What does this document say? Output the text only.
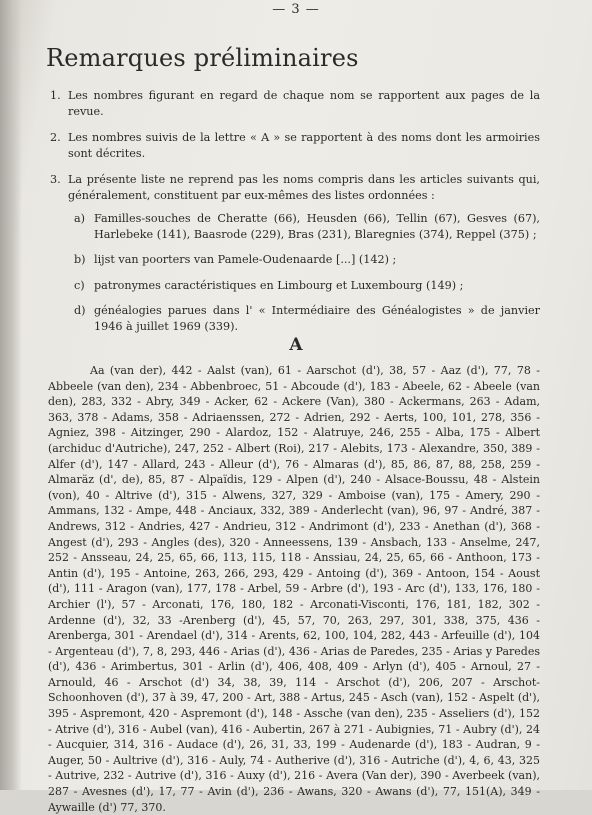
— 3 —
Remarques préliminaires
1. Les nombres figurant en regard de chaque nom se rapportent aux pages de la revue.
2. Les nombres suivis de la lettre « A » se rapportent à des noms dont les armoiries sont décrites.
3. La présente liste ne reprend pas les noms compris dans les articles suivants qui, généralement, constituent par eux-mêmes des listes ordonnées :
a) Familles-souches de Cheratte (66), Heusden (66), Tellin (67), Gesves (67), Harlebeke (141), Baasrode (229), Bras (231), Blaregnies (374), Reppel (375) ;
b) lijst van poorters van Pamele-Oudenaarde [...] (142) ;
c) patronymes caractéristiques en Limbourg et Luxembourg (149) ;
d) généalogies parues dans l' « Intermédiaire des Généalogistes » de janvier 1946 à juillet 1969 (339).
A
Aa (van der), 442 - Aalst (van), 61 - Aarschot (d'), 38, 57 - Aaz (d'), 77, 78 - Abbeele (van den), 234 - Abbenbroec, 51 - Abcoude (d'), 183 - Abeele, 62 - Abeele (van den), 283, 332 - Abry, 349 - Acker, 62 - Ackere (Van), 380 - Ackermans, 263 - Adam, 363, 378 - Adams, 358 - Adriaenssen, 272 - Adrien, 292 - Aerts, 100, 101, 278, 356 - Agniez, 398 - Aitzinger, 290 - Alardoz, 152 - Alatruye, 246, 255 - Alba, 175 - Albert (archiduc d'Autriche), 247, 252 - Albert (Roi), 217 - Alebits, 173 - Alexandre, 350, 389 - Alfer (d'), 147 - Allard, 243 - Alleur (d'), 76 - Almaras (d'), 85, 86, 87, 88, 258, 259 - Almaräz (d', de), 85, 87 - Alpaïdis, 129 - Alpen (d'), 240 - Alsace-Boussu, 48 - Alstein (von), 40 - Altrive (d'), 315 - Alwens, 327, 329 - Amboise (van), 175 - Amery, 290 - Ammans, 132 - Ampe, 448 - Anciaux, 332, 389 - Anderlecht (van), 96, 97 - André, 387 - Andrews, 312 - Andries, 427 - Andrieu, 312 - Andrimont (d'), 233 - Anethan (d'), 368 - Angest (d'), 293 - Angles (des), 320 - Anneessens, 139 - Ansbach, 133 - Anselme, 247, 252 - Ansseau, 24, 25, 65, 66, 113, 115, 118 - Anssiau, 24, 25, 65, 66 - Anthoon, 173 - Antin (d'), 195 - Antoine, 263, 266, 293, 429 - Antoing (d'), 369 - Antoon, 154 - Aoust (d'), 111 - Aragon (van), 177, 178 - Arbel, 59 - Arbre (d'), 193 - Arc (d'), 133, 176, 180 - Archier (l'), 57 - Arconati, 176, 180, 182 - Arconati-Visconti, 176, 181, 182, 302 - Ardenne (d'), 32, 33 -Arenberg (d'), 45, 57, 70, 263, 297, 301, 338, 375, 436 - Arenberga, 301 - Arendael (d'), 314 - Arents, 62, 100, 104, 282, 443 - Arfeuille (d'), 104 - Argenteau (d'), 7, 8, 293, 446 - Arias (d'), 436 - Arias de Paredes, 235 - Arias y Paredes (d'), 436 - Arimbertus, 301 - Arlin (d'), 406, 408, 409 - Arlyn (d'), 405 - Arnoul, 27 - Arnould, 46 - Arschot (d') 34, 38, 39, 114 - Arschot (d'), 206, 207 - Arschot-Schoonhoven (d'), 37 à 39, 47, 200 - Art, 388 - Artus, 245 - Asch (van), 152 - Aspelt (d'), 395 - Aspremont, 420 - Aspremont (d'), 148 - Assche (van den), 235 - Asseliers (d'), 152 - Atrive (d'), 316 - Aubel (van), 416 - Aubertin, 267 à 271 - Aubignies, 71 - Aubry (d'), 24 - Aucquier, 314, 316 - Audace (d'), 26, 31, 33, 199 - Audenarde (d'), 183 - Audran, 9 - Auger, 50 - Aultrive (d'), 316 - Auly, 74 - Autherive (d'), 316 - Autriche (d'), 4, 6, 43, 325 - Autrive, 232 - Autrive (d'), 316 - Auxy (d'), 216 - Avera (Van der), 390 - Averbeek (van), 287 - Avesnes (d'), 17, 77 - Avin (d'), 236 - Awans, 320 - Awans (d'), 77, 151(A), 349 - Aywaille (d') 77, 370.
